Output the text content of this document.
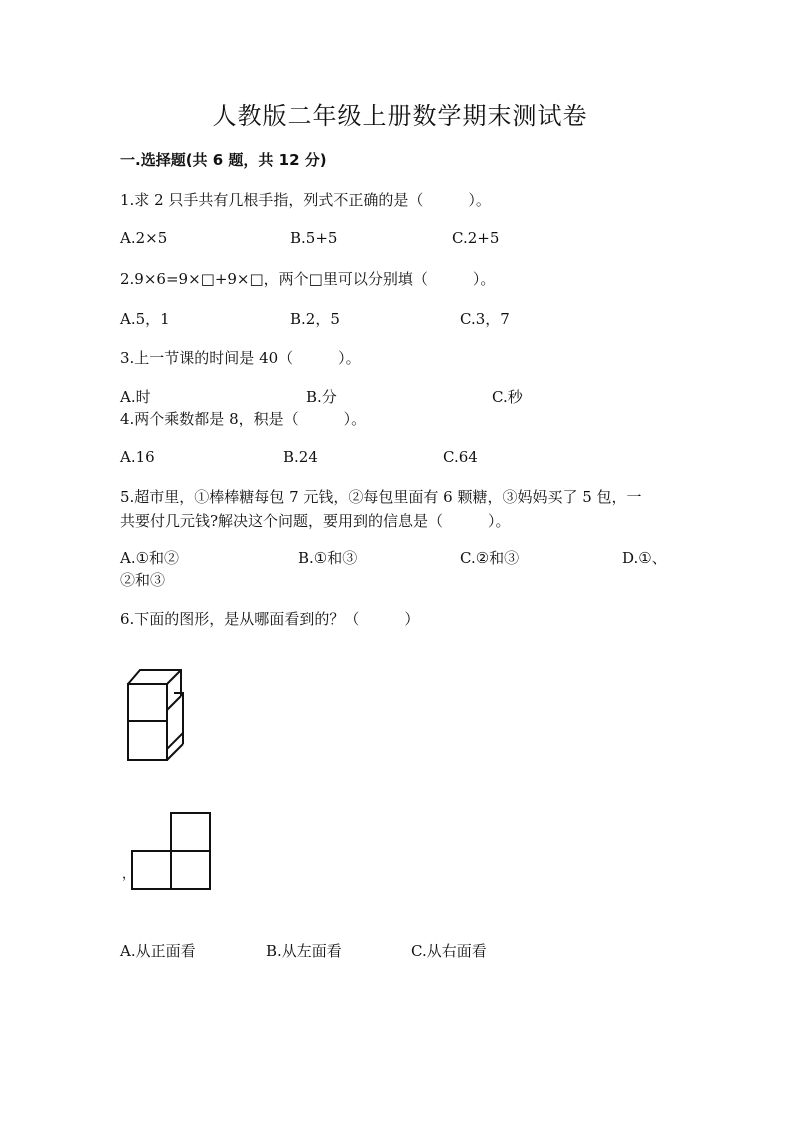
人教版二年级上册数学期末测试卷
一.选择题(共 6 题，共 12 分)
1.求 2 只手共有几根手指，列式不正确的是（　　　）。
A.2×5	B.5+5	C.2+5
2.9×6=9×□+9×□，两个□里可以分别填（　　　）。
A.5，1	B.2，5	C.3，7
3.上一节课的时间是 40（　　　）。
A.时	B.分	C.秒
4.两个乘数都是 8，积是（　　　）。
A.16	B.24	C.64
5.超市里，①棒棒糖每包 7 元钱，②每包里面有 6 颗糖，③妈妈买了 5 包，一
共要付几元钱?解决这个问题，要用到的信息是（　　　）。
A.①和②	B.①和③	C.②和③	D.①、
②和③
6.下面的图形，是从哪面看到的？（　　　）
，
A.从正面看	B.从左面看	C.从右面看
